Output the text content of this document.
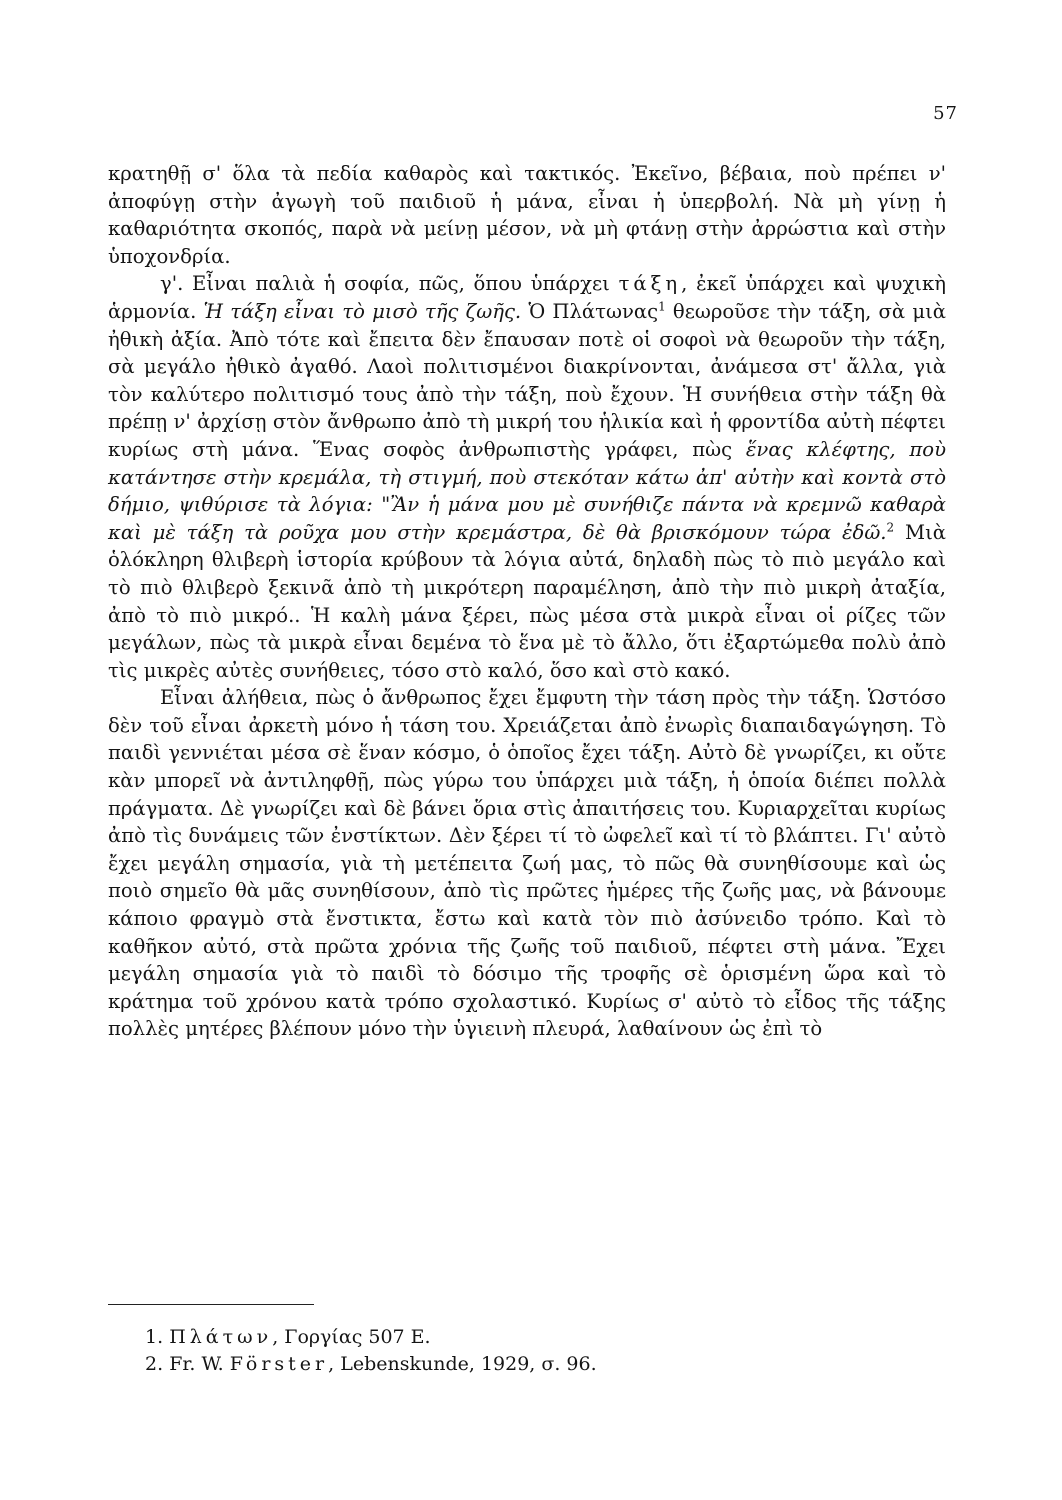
57

κρατηθῇ σ' ὅλα τὰ πεδία καθαρὸς καὶ τακτικός. Ἐκεῖνο, βέβαια, ποὺ πρέπει ν' ἀποφύγῃ στὴν ἀγωγὴ τοῦ παιδιοῦ ἡ μάνα, εἶναι ἡ ὑπερβολή. Νὰ μὴ γίνῃ ἡ καθαριότητα σκοπός, παρὰ νὰ μείνῃ μέσον, νὰ μὴ φτάνῃ στὴν ἀρρώστια καὶ στὴν ὑποχονδρία.

γ'. Εἶναι παλιὰ ἡ σοφία, πῶς, ὅπου ὑπάρχει τάξη, ἐκεῖ ὑπάρχει καὶ ψυχικὴ ἁρμονία. Ἡ τάξη εἶναι τὸ μισὸ τῆς ζωῆς. Ὁ Πλάτωνας$^1$ θεωροῦσε τὴν τάξη, σὰ μιὰ ἠθικὴ ἀξία. Ἀπὸ τότε καὶ ἔπειτα δὲν ἔπαυσαν ποτὲ οἱ σοφοὶ νὰ θεωροῦν τὴν τάξη, σὰ μεγάλο ἠθικὸ ἀγαθό. Λαοὶ πολιτισμένοι διακρίνονται, ἀνάμεσα στ' ἄλλα, γιὰ τὸν καλύτερο πολιτισμό τους ἀπὸ τὴν τάξη, ποὺ ἔχουν. Ἡ συνήθεια στὴν τάξη θὰ πρέπῃ ν' ἀρχίσῃ στὸν ἄνθρωπο ἀπὸ τὴ μικρή του ἡλικία καὶ ἡ φροντίδα αὐτὴ πέφτει κυρίως στὴ μάνα. Ἕνας σοφὸς ἀνθρωπιστὴς γράφει, πὼς ἕνας κλέφτης, ποὺ κατάντησε στὴν κρεμάλα, τὴ στιγμή, ποὺ στεκόταν κάτω ἀπ' αὐτὴν καὶ κοντὰ στὸ δήμιο, ψιθύρισε τὰ λόγια: "Ἂν ἡ μάνα μου μὲ συνήθιζε πάντα νὰ κρεμνῶ καθαρὰ καὶ μὲ τάξη τὰ ροῦχα μου στὴν κρεμάστρα, δὲ θὰ βρισκόμουν τώρα ἐδῶ.$^2$ Μιὰ ὁλόκληρη θλιβερὴ ἱστορία κρύβουν τὰ λόγια αὐτά, δηλαδὴ πὼς τὸ πιὸ μεγάλο καὶ τὸ πιὸ θλιβερὸ ξεκινᾶ ἀπὸ τὴ μικρότερη παραμέληση, ἀπὸ τὴν πιὸ μικρὴ ἀταξία, ἀπὸ τὸ πιὸ μικρό.. Ἡ καλὴ μάνα ξέρει, πὼς μέσα στὰ μικρὰ εἶναι οἱ ρίζες τῶν μεγάλων, πὼς τὰ μικρὰ εἶναι δεμένα τὸ ἕνα μὲ τὸ ἄλλο, ὅτι ἐξαρτώμεθα πολὺ ἀπὸ τὶς μικρὲς αὐτὲς συνήθειες, τόσο στὸ καλό, ὅσο καὶ στὸ κακό.

Εἶναι ἀλήθεια, πὼς ὁ ἄνθρωπος ἔχει ἔμφυτη τὴν τάση πρὸς τὴν τάξη. Ὡστόσο δὲν τοῦ εἶναι ἀρκετὴ μόνο ἡ τάση του. Χρειάζεται ἀπὸ ἐνωρὶς διαπαιδαγώγηση. Τὸ παιδὶ γεννιέται μέσα σὲ ἕναν κόσμο, ὁ ὁποῖος ἔχει τάξη. Αὐτὸ δὲ γνωρίζει, κι οὔτε κὰν μπορεῖ νὰ ἀντιληφθῇ, πὼς γύρω του ὑπάρχει μιὰ τάξη, ἡ ὁποία διέπει πολλὰ πράγματα. Δὲ γνωρίζει καὶ δὲ βάνει ὅρια στὶς ἀπαιτήσεις του. Κυριαρχεῖται κυρίως ἀπὸ τὶς δυνάμεις τῶν ἐνστίκτων. Δὲν ξέρει τί τὸ ὠφελεῖ καὶ τί τὸ βλάπτει. Γι' αὐτὸ ἔχει μεγάλη σημασία, γιὰ τὴ μετέπειτα ζωή μας, τὸ πῶς θὰ συνηθίσουμε καὶ ὡς ποιὸ σημεῖο θὰ μᾶς συνηθίσουν, ἀπὸ τὶς πρῶτες ἡμέρες τῆς ζωῆς μας, νὰ βάνουμε κάποιο φραγμὸ στὰ ἔνστικτα, ἔστω καὶ κατὰ τὸν πιὸ ἀσύνειδο τρόπο. Καὶ τὸ καθῆκον αὐτό, στὰ πρῶτα χρόνια τῆς ζωῆς τοῦ παιδιοῦ, πέφτει στὴ μάνα. Ἔχει μεγάλη σημασία γιὰ τὸ παιδὶ τὸ δόσιμο τῆς τροφῆς σὲ ὁρισμένη ὥρα καὶ τὸ κράτημα τοῦ χρόνου κατὰ τρόπο σχολαστικό. Κυρίως σ' αὐτὸ τὸ εἶδος τῆς τάξης πολλὲς μητέρες βλέπουν μόνο τὴν ὑγιεινὴ πλευρά, λαθαίνουν ὡς ἐπὶ τὸ

1. Πλάτων, Γοργίας 507 Ε.

2. Fr. W. Förster, Lebenskunde, 1929, σ. 96.
